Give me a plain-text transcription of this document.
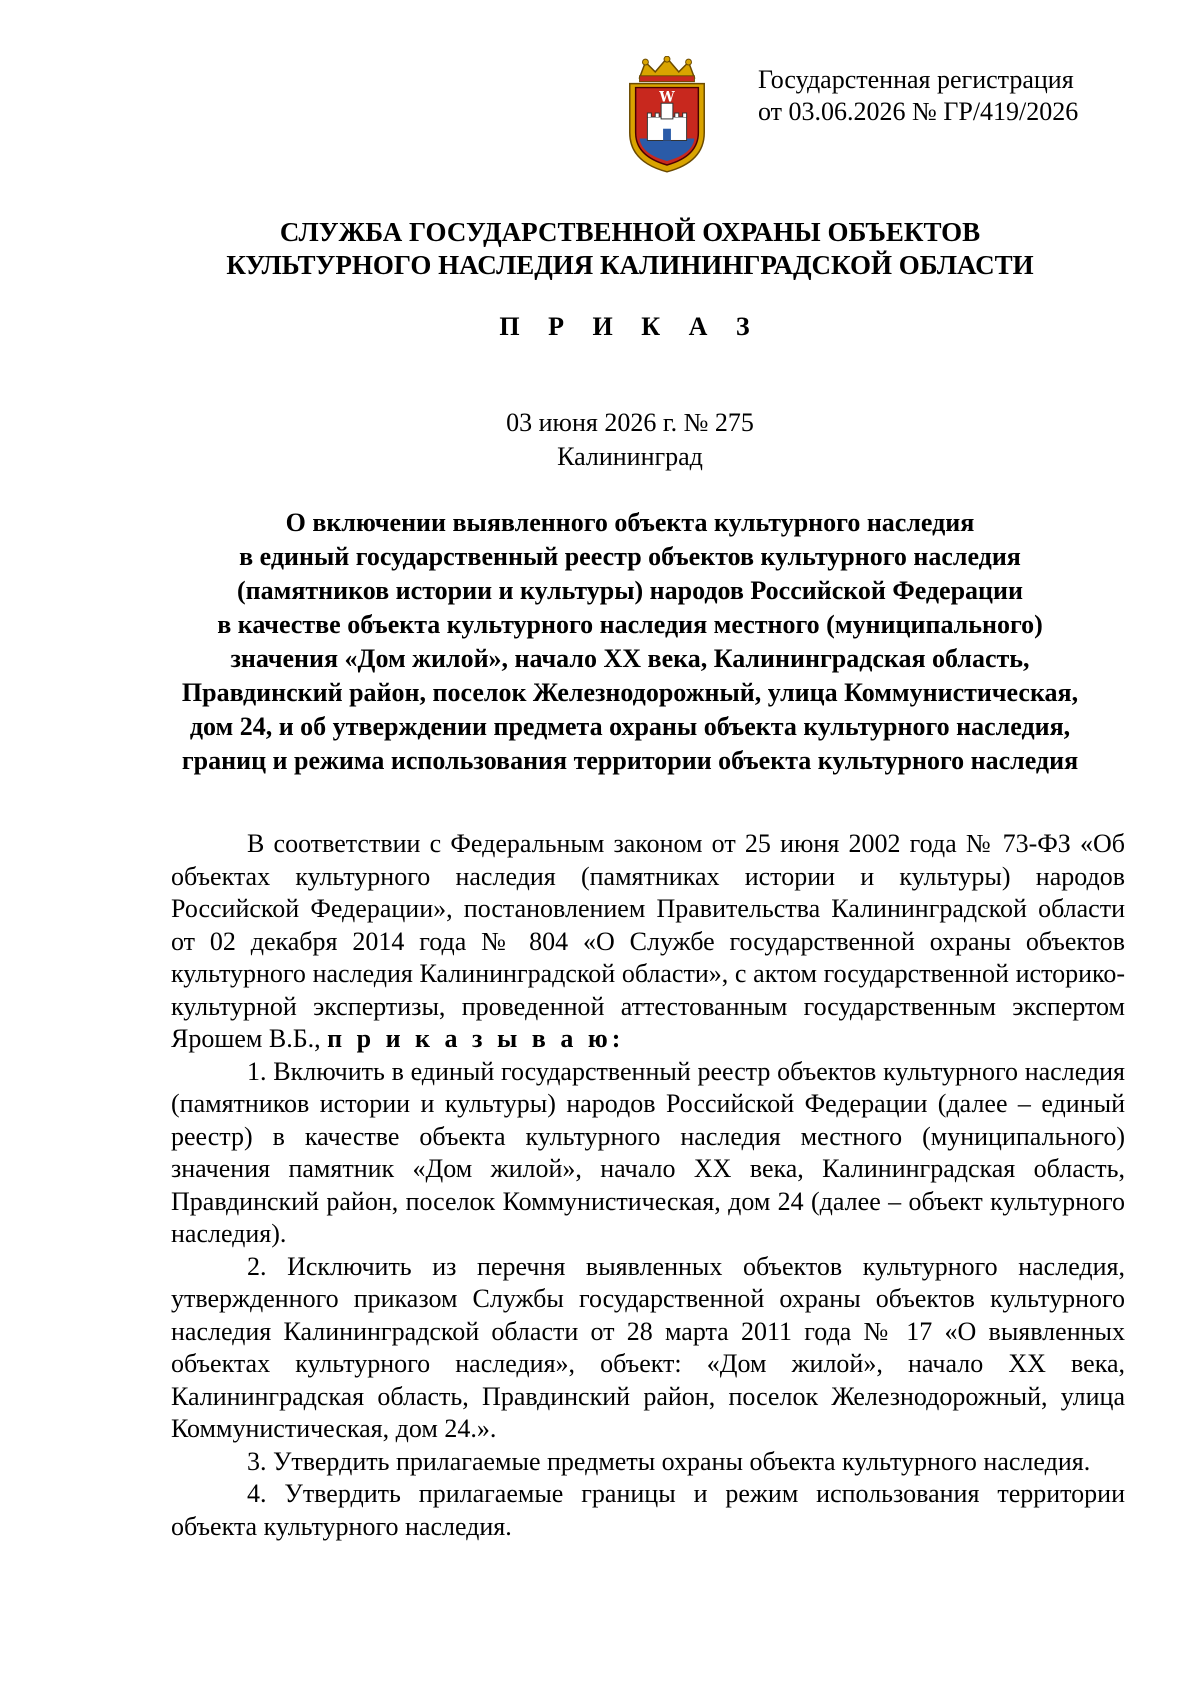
W
Государстенная регистрация
от 03.06.2026 № ГР/419/2026
СЛУЖБА ГОСУДАРСТВЕННОЙ ОХРАНЫ ОБЪЕКТОВ
КУЛЬТУРНОГО НАСЛЕДИЯ КАЛИНИНГРАДСКОЙ ОБЛАСТИ
П Р И К А З
03 июня 2026 г. № 275
Калининград
О включении выявленного объекта культурного наследия
в единый государственный реестр объектов культурного наследия
(памятников истории и культуры) народов Российской Федерации
в качестве объекта культурного наследия местного (муниципального)
значения «Дом жилой», начало XX века, Калининградская область,
Правдинский район, поселок Железнодорожный, улица Коммунистическая,
дом 24, и об утверждении предмета охраны объекта культурного наследия,
границ и режима использования территории объекта культурного наследия

В соответствии с Федеральным законом от 25 июня 2002 года № 73-ФЗ «Об объектах культурного наследия (памятниках истории и культуры) народов Российской Федерации», постановлением Правительства Калининградской области от 02 декабря 2014 года № 804 «О Службе государственной охраны объектов культурного наследия Калининградской области», с актом государственной историко-культурной экспертизы, проведенной аттестованным государственным экспертом Ярошем В.Б., п р и к а з ы в а ю:

1. Включить в единый государственный реестр объектов культурного наследия (памятников истории и культуры) народов Российской Федерации (далее – единый реестр) в качестве объекта культурного наследия местного (муниципального) значения памятник «Дом жилой», начало XX века, Калининградская область, Правдинский район, поселок Коммунистическая, дом 24 (далее – объект культурного наследия).

2. Исключить из перечня выявленных объектов культурного наследия, утвержденного приказом Службы государственной охраны объектов культурного наследия Калининградской области от 28 марта 2011 года № 17 «О выявленных объектах культурного наследия», объект: «Дом жилой», начало XX века, Калининградская область, Правдинский район, поселок Железнодорожный, улица Коммунистическая, дом 24.».

3. Утвердить прилагаемые предметы охраны объекта культурного наследия.

4. Утвердить прилагаемые границы и режим использования территории объекта культурного наследия.
